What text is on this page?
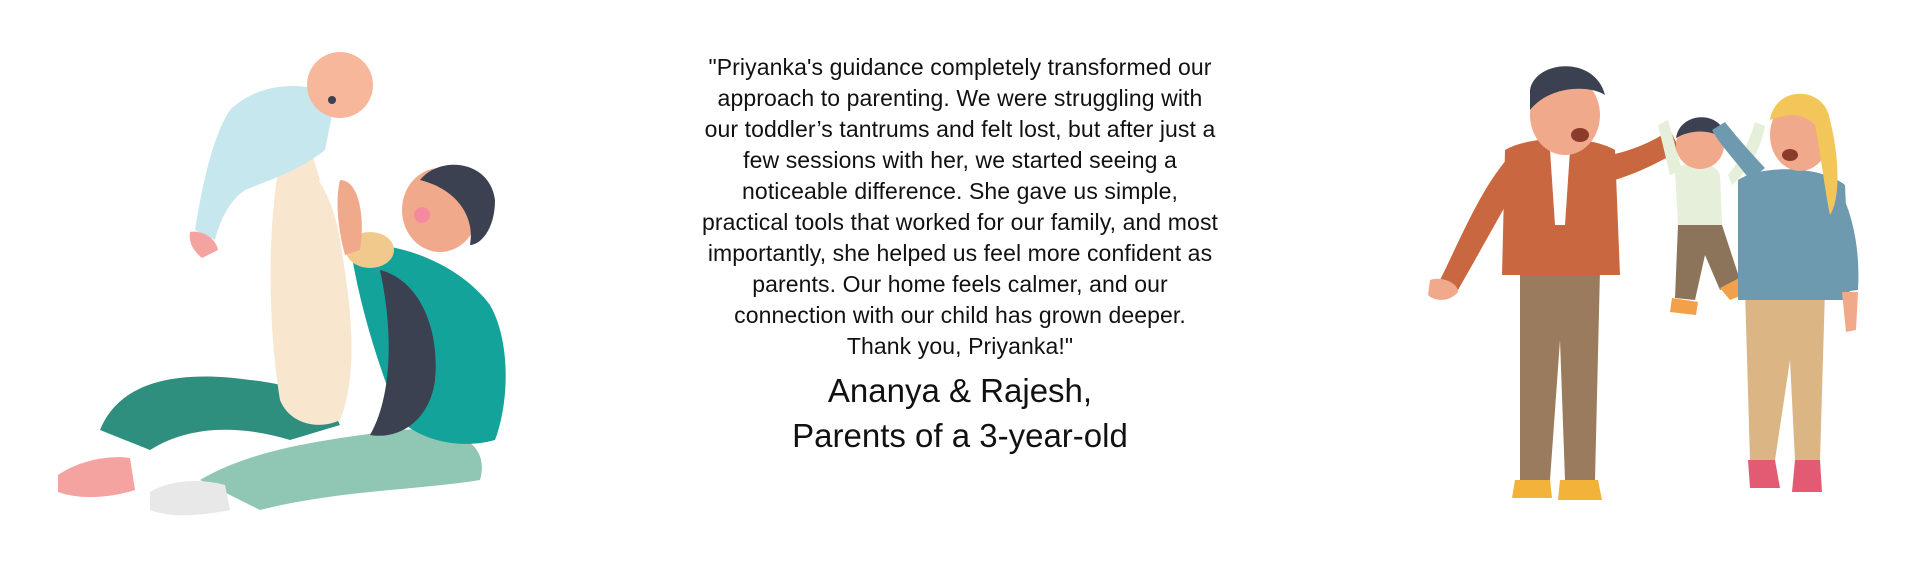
"Priyanka's guidance completely transformed our approach to parenting. We were struggling with our toddler’s tantrums and felt lost, but after just a few sessions with her, we started seeing a noticeable difference. She gave us simple, practical tools that worked for our family, and most importantly, she helped us feel more confident as parents. Our home feels calmer, and our connection with our child has grown deeper. Thank you, Priyanka!"

Ananya & Rajesh,
Parents of a 3-year-old
